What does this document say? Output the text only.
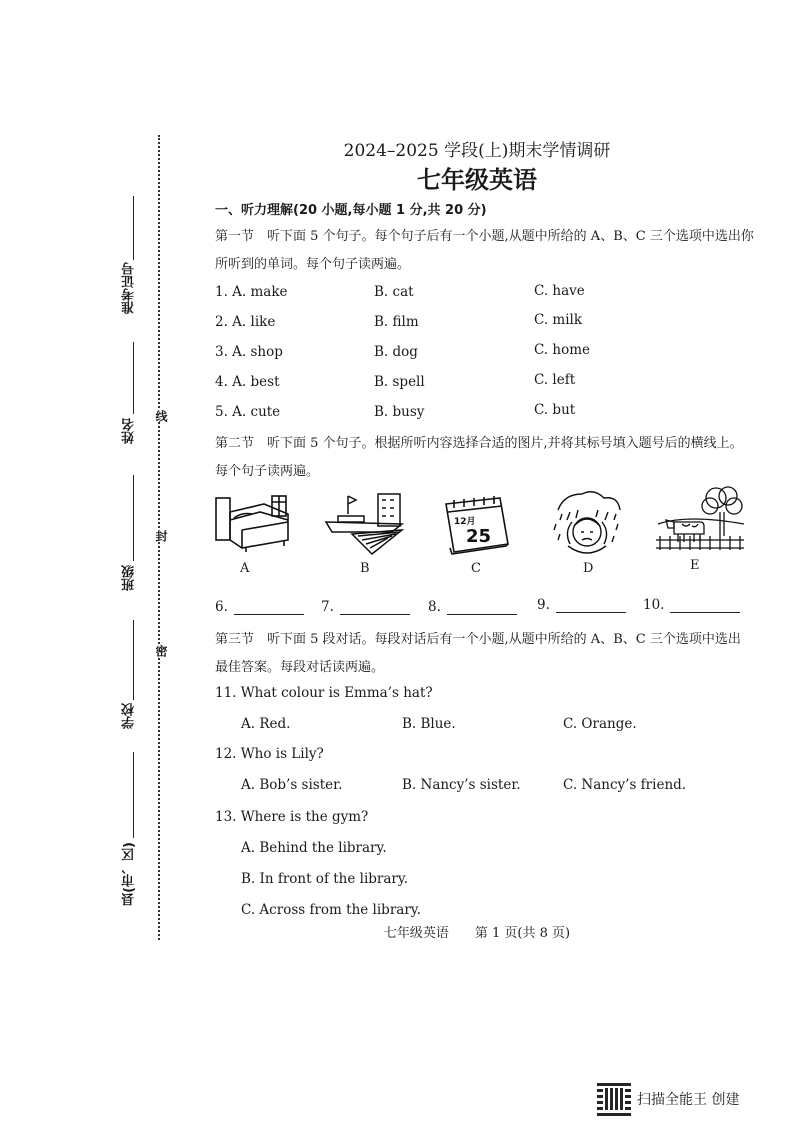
准考证号
姓名
班级
学校
县(市、区)
线
封
密
2024–2025 学段(上)期末学情调研
七年级英语
一、听力理解(20 小题,每小题 1 分,共 20 分)
第一节　听下面 5 个句子。每个句子后有一个小题,从题中所给的 A、B、C 三个选项中选出你
所听到的单词。每个句子读两遍。
1. A. make	B. cat	C. have
2. A. like	B. film	C. milk
3. A. shop	B. dog	C. home
4. A. best	B. spell	C. left
5. A. cute	B. busy	C. but
第二节　听下面 5 个句子。根据所听内容选择合适的图片,并将其标号填入题号后的横线上。
每个句子读两遍。
A	B
12月
25
C	D	E
6.	7.	8.	9.	10.
第三节　听下面 5 段对话。每段对话后有一个小题,从题中所给的 A、B、C 三个选项中选出
最佳答案。每段对话读两遍。
11. What colour is Emma’s hat?
A. Red.	B. Blue.	C. Orange.
12. Who is Lily?
A. Bob’s sister.	B. Nancy’s sister.	C. Nancy’s friend.
13. Where is the gym?
A. Behind the library.
B. In front of the library.
C. Across from the library.
七年级英语　　第 1 页(共 8 页)
扫描全能王 创建
